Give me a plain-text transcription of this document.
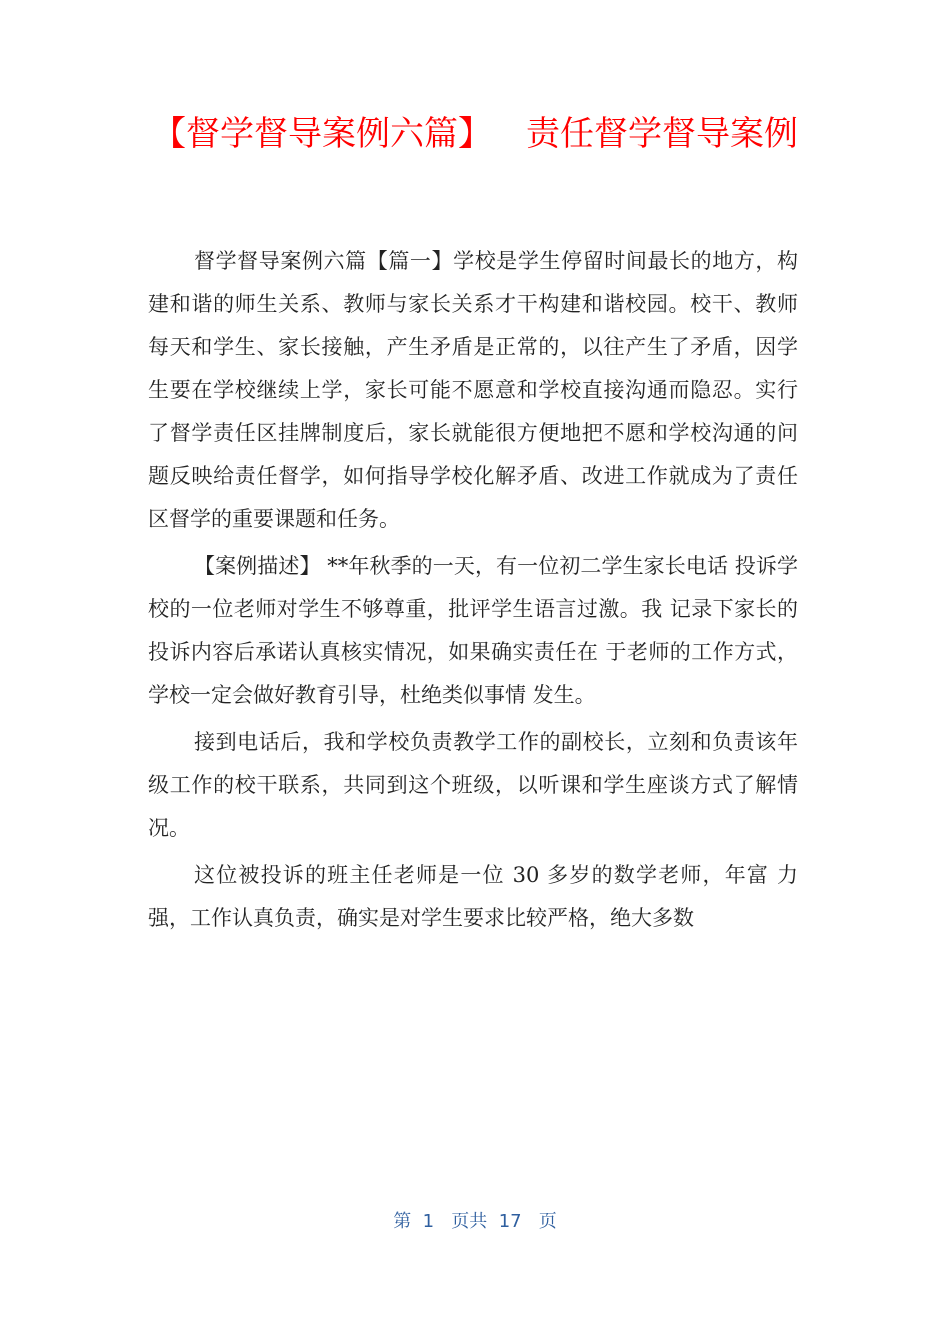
【督学督导案例六篇】 责任督学督导案例

督学督导案例六篇【篇一】学校是学生停留时间最长的地方，构建和谐的师生关系、教师与家长关系才干构建和谐校园。校干、教师每天和学生、家长接触，产生矛盾是正常的，以往产生了矛盾，因学生要在学校继续上学，家长可能不愿意和学校直接沟通而隐忍。实行了督学责任区挂牌制度后，家长就能很方便地把不愿和学校沟通的问题反映给责任督学，如何指导学校化解矛盾、改进工作就成为了责任区督学的重要课题和任务。

【案例描述】 **年秋季的一天，有一位初二学生家长电话 投诉学校的一位老师对学生不够尊重，批评学生语言过激。我 记录下家长的投诉内容后承诺认真核实情况，如果确实责任在 于老师的工作方式，学校一定会做好教育引导，杜绝类似事情 发生。

接到电话后，我和学校负责教学工作的副校长，立刻和负责该年级工作的校干联系，共同到这个班级，以听课和学生座谈方式了解情况。

这位被投诉的班主任老师是一位 30 多岁的数学老师，年富 力强，工作认真负责，确实是对学生要求比较严格，绝大多数

第  1   页共  17   页
